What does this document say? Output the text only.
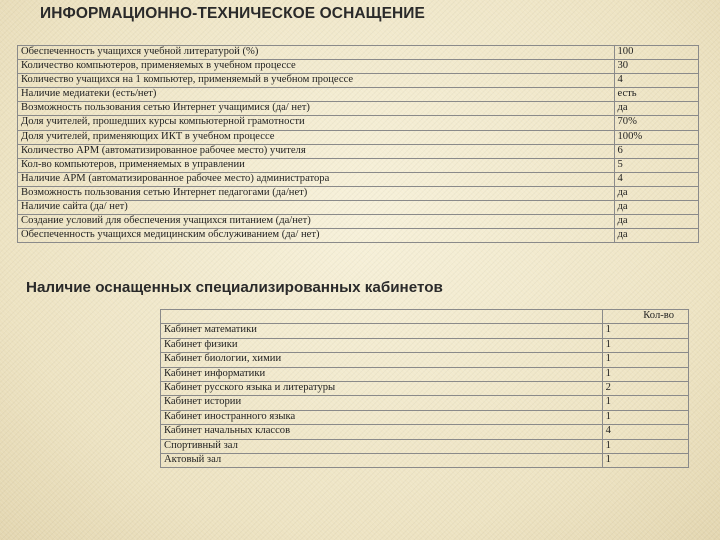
ИНФОРМАЦИОННО-ТЕХНИЧЕСКОЕ ОСНАЩЕНИЕ
Обеспеченность учащихся учебной литературой (%)	100
Количество компьютеров, применяемых в учебном процессе	30
Количество учащихся на 1 компьютер, применяемый в учебном процессе	4
Наличие медиатеки (есть/нет)	есть
Возможность пользования сетью Интернет учащимися (да/ нет)	да
Доля учителей, прошедших курсы компьютерной грамотности	70%
Доля учителей, применяющих ИКТ в учебном процессе	100%
Количество АРМ (автоматизированное рабочее место) учителя	6
Кол-во компьютеров, применяемых в управлении	5
Наличие АРМ (автоматизированное рабочее место) администратора	4
Возможность пользования сетью Интернет педагогами (да/нет)	да
Наличие сайта (да/ нет)	да
Создание условий для обеспечения учащихся питанием (да/нет)	да
Обеспеченность учащихся медицинским обслуживанием (да/ нет)	да
Наличие оснащенных специализированных кабинетов
	Кол-во
Кабинет математики	1
Кабинет физики	1
Кабинет биологии, химии	1
Кабинет информатики	1
Кабинет русского языка и литературы	2
Кабинет истории	1
Кабинет иностранного языка	1
Кабинет начальных классов	4
Спортивный зал	1
Актовый зал	1
